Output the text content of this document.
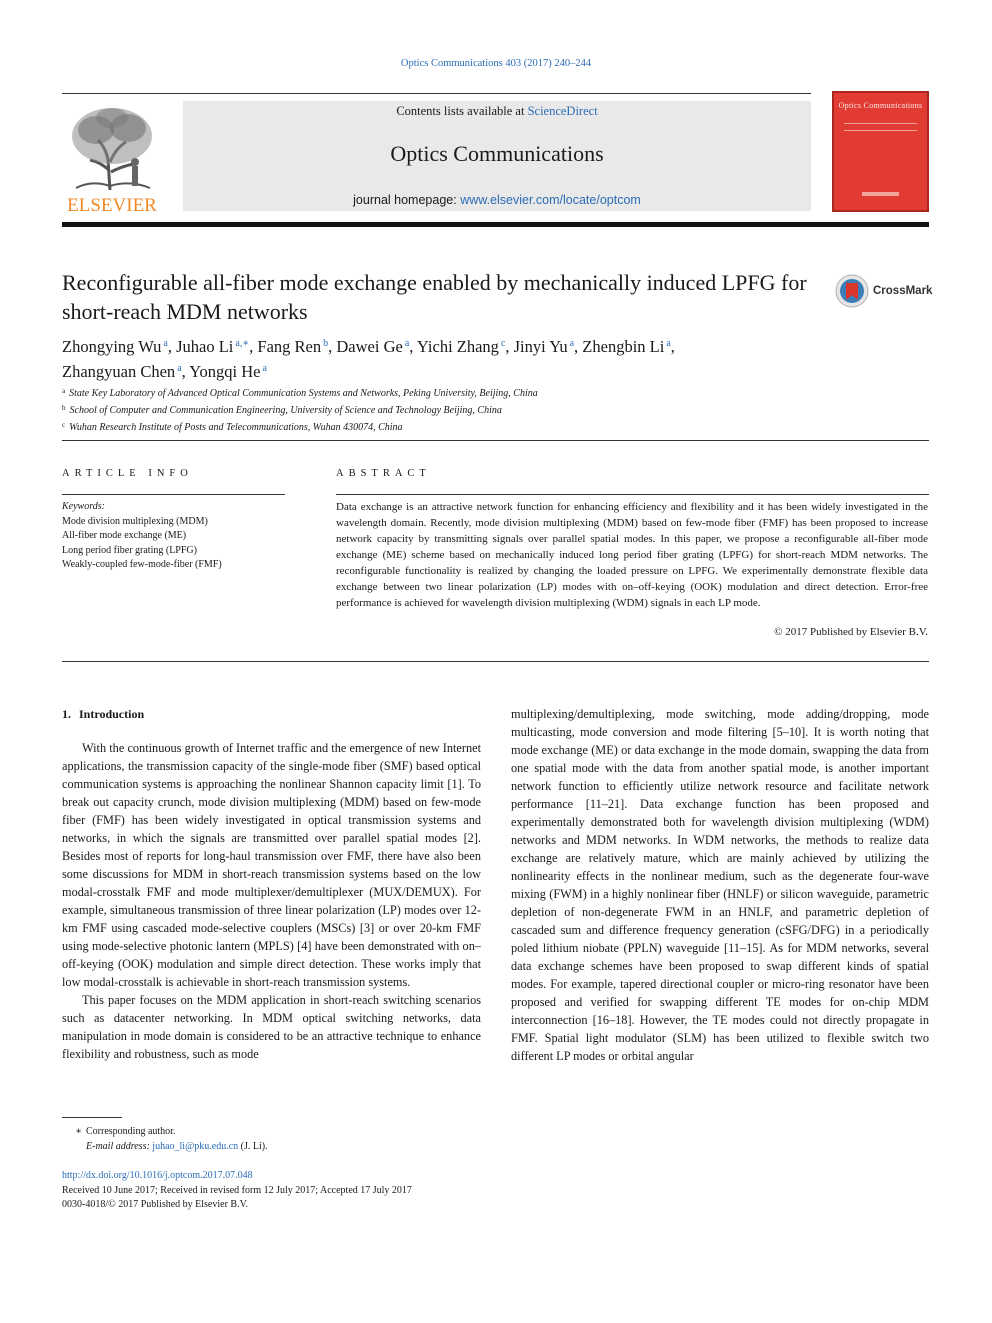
Optics Communications 403 (2017) 240–244
ELSEVIER
Contents lists available at ScienceDirect
Optics Communications
journal homepage: www.elsevier.com/locate/optcom
Optics Communications
Reconfigurable all-fiber mode exchange enabled by mechanically induced LPFG for short-reach MDM networks
CrossMark
Zhongying Wu $^a$, Juhao Li $^{a,∗}$, Fang Ren $^b$, Dawei Ge $^a$, Yichi Zhang $^c$, Jinyi Yu $^a$, Zhengbin Li $^a$,
Zhangyuan Chen $^a$, Yongqi He $^a$
$^a$ State Key Laboratory of Advanced Optical Communication Systems and Networks, Peking University, Beijing, China
$^b$ School of Computer and Communication Engineering, University of Science and Technology Beijing, China
$^c$ Wuhan Research Institute of Posts and Telecommunications, Wuhan 430074, China
ARTICLE INFO	ABSTRACT
Keywords:
Mode division multiplexing (MDM)
All-fiber mode exchange (ME)
Long period fiber grating (LPFG)
Weakly-coupled few-mode-fiber (FMF)
Data exchange is an attractive network function for enhancing efficiency and flexibility and it has been widely investigated in the wavelength domain. Recently, mode division multiplexing (MDM) based on few-mode fiber (FMF) has been proposed to increase network capacity by transmitting signals over parallel spatial modes. In this paper, we propose a reconfigurable all-fiber mode exchange (ME) scheme based on mechanically induced long period fiber grating (LPFG) for short-reach MDM networks. The reconfigurable functionality is realized by changing the loaded pressure on LPFG. We experimentally demonstrate flexible data exchange between two linear polarization (LP) modes with on–off-keying (OOK) modulation and direct detection. Error-free performance is achieved for wavelength division multiplexing (WDM) signals in each LP mode.
© 2017 Published by Elsevier B.V.
1. Introduction

With the continuous growth of Internet traffic and the emergence of new Internet applications, the transmission capacity of the single-mode fiber (SMF) based optical communication systems is approaching the nonlinear Shannon capacity limit [1]. To break out capacity crunch, mode division multiplexing (MDM) based on few-mode fiber (FMF) has been widely investigated in optical transmission systems and networks, in which the signals are transmitted over parallel spatial modes [2]. Besides most of reports for long-haul transmission over FMF, there have also been some discussions for MDM in short-reach transmission systems based on the low modal-crosstalk FMF and mode multiplexer/demultiplexer (MUX/DEMUX). For example, simultaneous transmission of three linear polarization (LP) modes over 12-km FMF using cascaded mode-selective couplers (MSCs) [3] or over 20-km FMF using mode-selective photonic lantern (MPLS) [4] have been demonstrated with on–off-keying (OOK) modulation and simple direct detection. These works imply that low modal-crosstalk is achievable in short-reach transmission systems.

This paper focuses on the MDM application in short-reach switching scenarios such as datacenter networking. In MDM optical switching networks, data manipulation in mode domain is considered to be an attractive technique to enhance flexibility and robustness, such as mode

multiplexing/demultiplexing, mode switching, mode adding/dropping, mode multicasting, mode conversion and mode filtering [5–10]. It is worth noting that mode exchange (ME) or data exchange in the mode domain, swapping the data from one spatial mode with the data from another spatial mode, is another important network function to efficiently utilize network resource and facilitate network performance [11–21]. Data exchange function has been proposed and experimentally demonstrated both for wavelength division multiplexing (WDM) networks and MDM networks. In WDM networks, the methods to realize data exchange are relatively mature, which are mainly achieved by utilizing the nonlinearity effects in the nonlinear medium, such as the degenerate four-wave mixing (FWM) in a highly nonlinear fiber (HNLF) or silicon waveguide, parametric depletion of non-degenerate FWM in an HNLF, and parametric depletion of cascaded sum and difference frequency generation (cSFG/DFG) in a periodically poled lithium niobate (PPLN) waveguide [11–15]. As for MDM networks, several data exchange schemes have been proposed to swap different kinds of spatial modes. For example, tapered directional coupler or micro-ring resonator have been proposed and verified for swapping different TE modes for on-chip MDM interconnection [16–18]. However, the TE modes could not directly propagate in FMF. Spatial light modulator (SLM) has been utilized to flexible switch two different LP modes or orbital angular

∗ Corresponding author.
E-mail address: juhao_li@pku.edu.cn (J. Li).
http://dx.doi.org/10.1016/j.optcom.2017.07.048
Received 10 June 2017; Received in revised form 12 July 2017; Accepted 17 July 2017
0030-4018/© 2017 Published by Elsevier B.V.
